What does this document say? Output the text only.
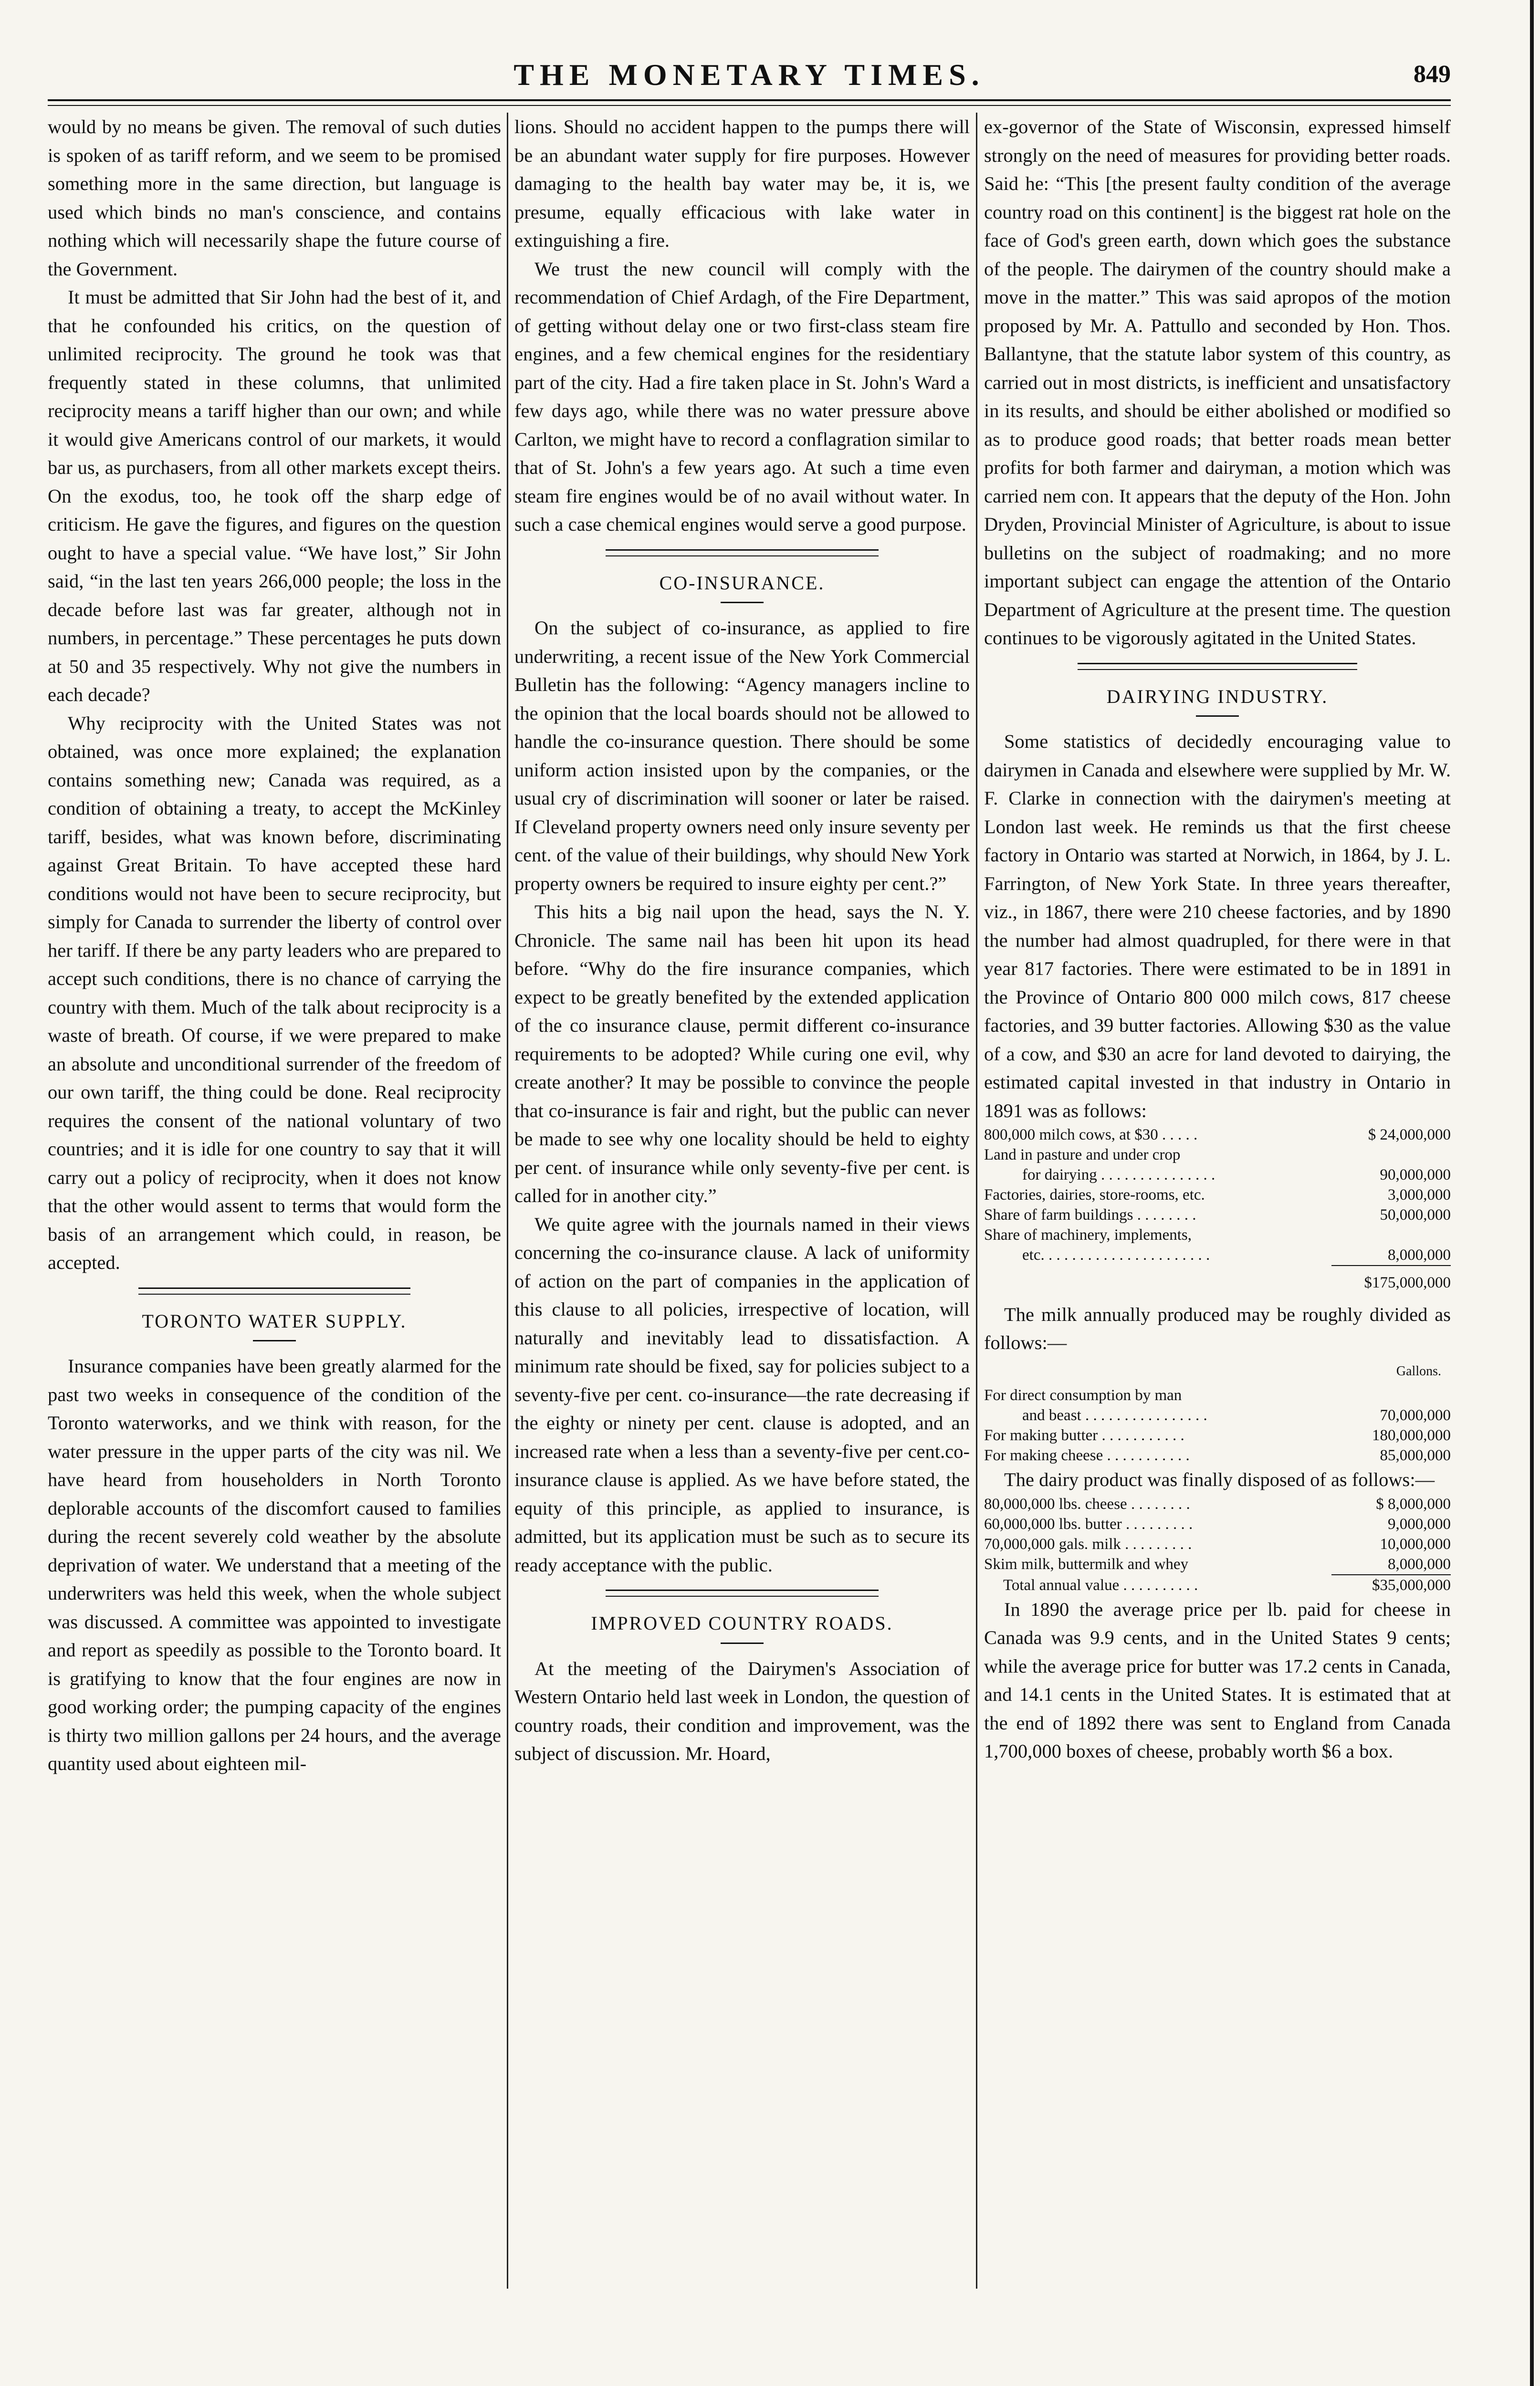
THE MONETARY TIMES.	849

would by no means be given. The removal of such duties is spoken of as tariff reform, and we seem to be promised something more in the same direction, but language is used which binds no man's conscience, and contains nothing which will necessarily shape the future course of the Government.

It must be admitted that Sir John had the best of it, and that he confounded his critics, on the question of unlimited reciprocity. The ground he took was that frequently stated in these columns, that unlimited reciprocity means a tariff higher than our own; and while it would give Americans control of our markets, it would bar us, as purchasers, from all other markets except theirs. On the exodus, too, he took off the sharp edge of criticism. He gave the figures, and figures on the question ought to have a special value. “We have lost,” Sir John said, “in the last ten years 266,000 people; the loss in the decade before last was far greater, although not in numbers, in percentage.” These percentages he puts down at 50 and 35 respectively. Why not give the numbers in each decade?

Why reciprocity with the United States was not obtained, was once more explained; the explanation contains something new; Canada was required, as a condition of obtaining a treaty, to accept the McKinley tariff, besides, what was known before, discriminating against Great Britain. To have accepted these hard conditions would not have been to secure reciprocity, but simply for Canada to surrender the liberty of control over her tariff. If there be any party leaders who are prepared to accept such conditions, there is no chance of carrying the country with them. Much of the talk about reciprocity is a waste of breath. Of course, if we were prepared to make an absolute and unconditional surrender of the freedom of our own tariff, the thing could be done. Real reciprocity requires the consent of the national voluntary of two countries; and it is idle for one country to say that it will carry out a policy of reciprocity, when it does not know that the other would assent to terms that would form the basis of an arrangement which could, in reason, be accepted.

TORONTO WATER SUPPLY.

Insurance companies have been greatly alarmed for the past two weeks in consequence of the condition of the Toronto waterworks, and we think with reason, for the water pressure in the upper parts of the city was nil. We have heard from householders in North Toronto deplorable accounts of the discomfort caused to families during the recent severely cold weather by the absolute deprivation of water. We understand that a meeting of the underwriters was held this week, when the whole subject was discussed. A committee was appointed to investigate and report as speedily as possible to the Toronto board. It is gratifying to know that the four engines are now in good working order; the pumping capacity of the engines is thirty two million gallons per 24 hours, and the average quantity used about eighteen mil-

lions. Should no accident happen to the pumps there will be an abundant water supply for fire purposes. However damaging to the health bay water may be, it is, we presume, equally efficacious with lake water in extinguishing a fire.

We trust the new council will comply with the recommendation of Chief Ardagh, of the Fire Department, of getting without delay one or two first-class steam fire engines, and a few chemical engines for the residentiary part of the city. Had a fire taken place in St. John's Ward a few days ago, while there was no water pressure above Carlton, we might have to record a conflagration similar to that of St. John's a few years ago. At such a time even steam fire engines would be of no avail without water. In such a case chemical engines would serve a good purpose.

CO-INSURANCE.

On the subject of co-insurance, as applied to fire underwriting, a recent issue of the New York Commercial Bulletin has the following: “Agency managers incline to the opinion that the local boards should not be allowed to handle the co-insurance question. There should be some uniform action insisted upon by the companies, or the usual cry of discrimination will sooner or later be raised. If Cleveland property owners need only insure seventy per cent. of the value of their buildings, why should New York property owners be required to insure eighty per cent.?”

This hits a big nail upon the head, says the N. Y. Chronicle. The same nail has been hit upon its head before. “Why do the fire insurance companies, which expect to be greatly benefited by the extended application of the co insurance clause, permit different co-insurance requirements to be adopted? While curing one evil, why create another? It may be possible to convince the people that co-insurance is fair and right, but the public can never be made to see why one locality should be held to eighty per cent. of insurance while only seventy-five per cent. is called for in another city.”

We quite agree with the journals named in their views concerning the co-insurance clause. A lack of uniformity of action on the part of companies in the application of this clause to all policies, irrespective of location, will naturally and inevitably lead to dissatisfaction. A minimum rate should be fixed, say for policies subject to a seventy-five per cent. co-insurance—the rate decreasing if the eighty or ninety per cent. clause is adopted, and an increased rate when a less than a seventy-five per cent.co-insurance clause is applied. As we have before stated, the equity of this principle, as applied to insurance, is admitted, but its application must be such as to secure its ready acceptance with the public.

IMPROVED COUNTRY ROADS.

At the meeting of the Dairymen's Association of Western Ontario held last week in London, the question of country roads, their condition and improvement, was the subject of discussion. Mr. Hoard,

ex-governor of the State of Wisconsin, expressed himself strongly on the need of measures for providing better roads. Said he: “This [the present faulty condition of the average country road on this continent] is the biggest rat hole on the face of God's green earth, down which goes the substance of the people. The dairymen of the country should make a move in the matter.” This was said apropos of the motion proposed by Mr. A. Pattullo and seconded by Hon. Thos. Ballantyne, that the statute labor system of this country, as carried out in most districts, is inefficient and unsatisfactory in its results, and should be either abolished or modified so as to produce good roads; that better roads mean better profits for both farmer and dairyman, a motion which was carried nem con. It appears that the deputy of the Hon. John Dryden, Provincial Minister of Agriculture, is about to issue bulletins on the subject of roadmaking; and no more important subject can engage the attention of the Ontario Department of Agriculture at the present time. The question continues to be vigorously agitated in the United States.

DAIRYING INDUSTRY.

Some statistics of decidedly encouraging value to dairymen in Canada and elsewhere were supplied by Mr. W. F. Clarke in connection with the dairymen's meeting at London last week. He reminds us that the first cheese factory in Ontario was started at Norwich, in 1864, by J. L. Farrington, of New York State. In three years thereafter, viz., in 1867, there were 210 cheese factories, and by 1890 the number had almost quadrupled, for there were in that year 817 factories. There were estimated to be in 1891 in the Province of Ontario 800 000 milch cows, 817 cheese factories, and 39 butter factories. Allowing $30 as the value of a cow, and $30 an acre for land devoted to dairying, the estimated capital invested in that industry in Ontario in 1891 was as follows:

800,000 milch cows, at $30 . . . . .	$ 24,000,000
Land in pasture and under crop	
for dairying . . . . . . . . . . . . . . .	90,000,000
Factories, dairies, store-rooms, etc.	3,000,000
Share of farm buildings . . . . . . . .	50,000,000
Share of machinery, implements,	
etc. . . . . . . . . . . . . . . . . . . . . .	8,000,000
$175,000,000

The milk annually produced may be roughly divided as follows:—

Gallons.
For direct consumption by man	
and beast . . . . . . . . . . . . . . . .	70,000,000
For making butter . . . . . . . . . . .	180,000,000
For making cheese . . . . . . . . . . .	85,000,000

The dairy product was finally disposed of as follows:—

80,000,000 lbs. cheese . . . . . . . .	$ 8,000,000
60,000,000 lbs. butter . . . . . . . . .	9,000,000
70,000,000 gals. milk . . . . . . . . .	10,000,000
Skim milk, buttermilk and whey	8,000,000
Total annual value . . . . . . . . . .	$35,000,000

In 1890 the average price per lb. paid for cheese in Canada was 9.9 cents, and in the United States 9 cents; while the average price for butter was 17.2 cents in Canada, and 14.1 cents in the United States. It is estimated that at the end of 1892 there was sent to England from Canada 1,700,000 boxes of cheese, probably worth $6 a box.
